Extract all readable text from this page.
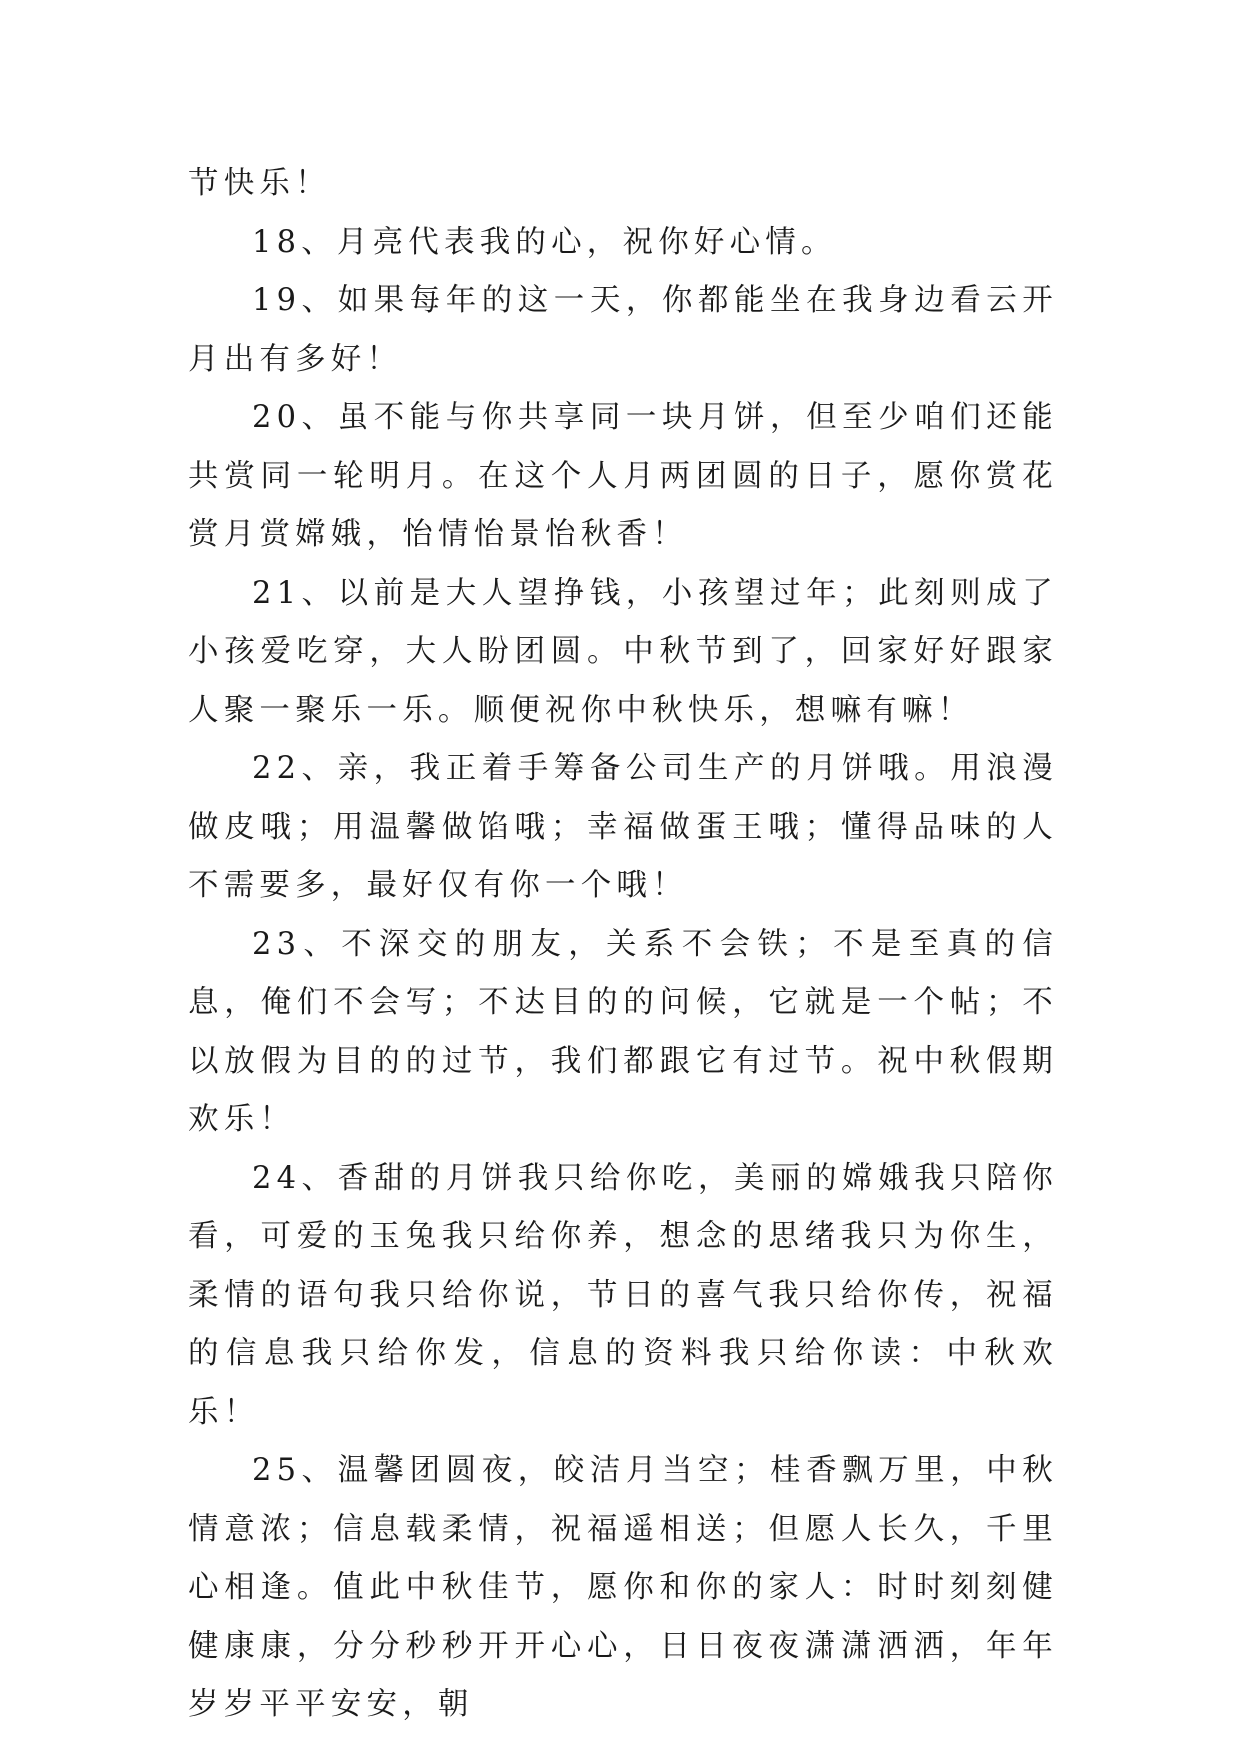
节快乐！

18、月亮代表我的心，祝你好心情。

19、如果每年的这一天，你都能坐在我身边看云开月出有多好！

20、虽不能与你共享同一块月饼，但至少咱们还能共赏同一轮明月。在这个人月两团圆的日子，愿你赏花赏月赏嫦娥，怡情怡景怡秋香！

21、以前是大人望挣钱，小孩望过年；此刻则成了小孩爱吃穿，大人盼团圆。中秋节到了，回家好好跟家人聚一聚乐一乐。顺便祝你中秋快乐，想嘛有嘛！

22、亲，我正着手筹备公司生产的月饼哦。用浪漫做皮哦；用温馨做馅哦；幸福做蛋王哦；懂得品味的人不需要多，最好仅有你一个哦！

23、不深交的朋友，关系不会铁；不是至真的信息，俺们不会写；不达目的的问候，它就是一个帖；不以放假为目的的过节，我们都跟它有过节。祝中秋假期欢乐！

24、香甜的月饼我只给你吃，美丽的嫦娥我只陪你看，可爱的玉兔我只给你养，想念的思绪我只为你生，柔情的语句我只给你说，节日的喜气我只给你传，祝福的信息我只给你发，信息的资料我只给你读：中秋欢乐！

25、温馨团圆夜，皎洁月当空；桂香飘万里，中秋情意浓；信息载柔情，祝福遥相送；但愿人长久，千里心相逢。值此中秋佳节，愿你和你的家人：时时刻刻健健康康，分分秒秒开开心心，日日夜夜潇潇洒洒，年年岁岁平平安安，朝
